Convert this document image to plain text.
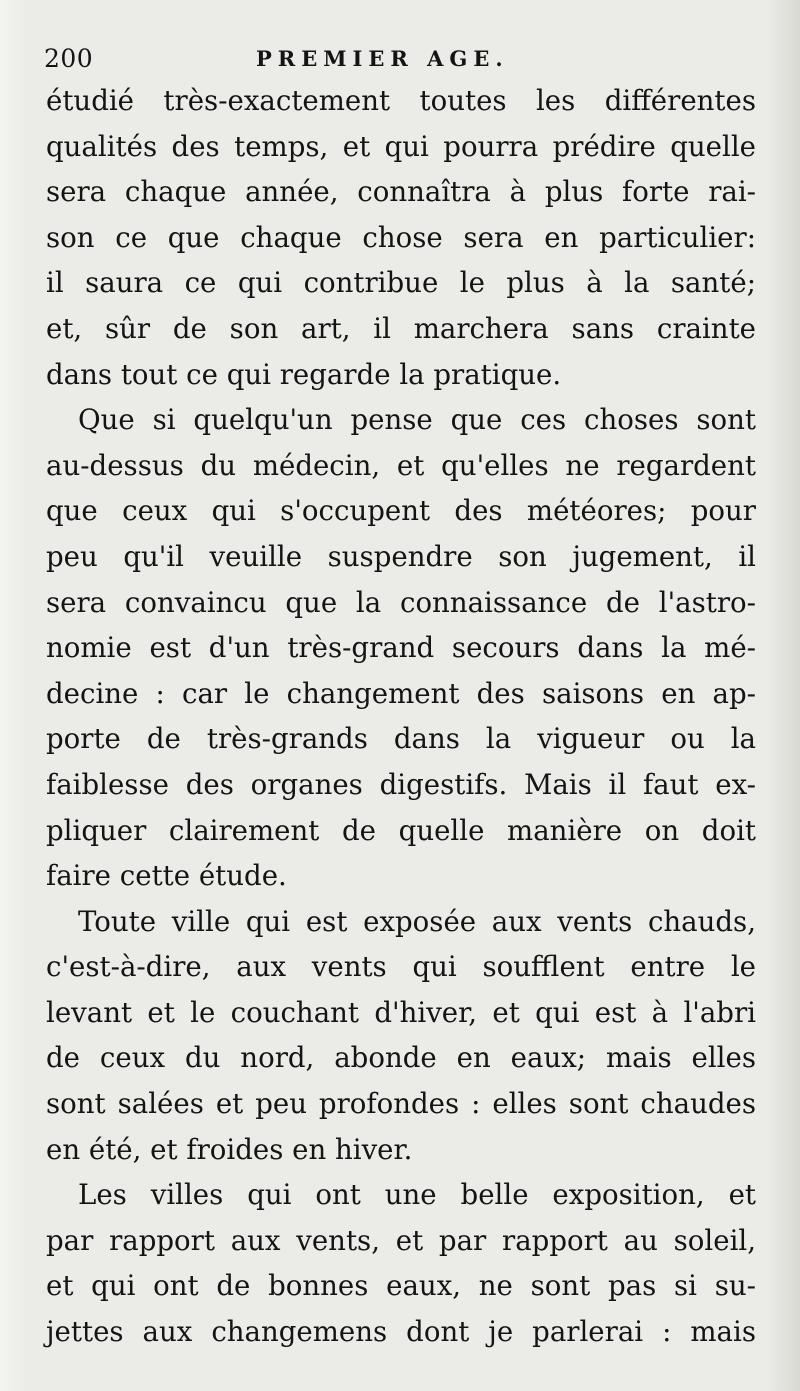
200	PREMIER AGE.
étudié très-exactement toutes les différentes
qualités des temps, et qui pourra prédire quelle
sera chaque année, connaîtra à plus forte rai-
son ce que chaque chose sera en particulier:
il saura ce qui contribue le plus à la santé;
et, sûr de son art, il marchera sans crainte
dans tout ce qui regarde la pratique.
Que si quelqu'un pense que ces choses sont
au-dessus du médecin, et qu'elles ne regardent
que ceux qui s'occupent des météores; pour
peu qu'il veuille suspendre son jugement, il
sera convaincu que la connaissance de l'astro-
nomie est d'un très-grand secours dans la mé-
decine : car le changement des saisons en ap-
porte de très-grands dans la vigueur ou la
faiblesse des organes digestifs. Mais il faut ex-
pliquer clairement de quelle manière on doit
faire cette étude.
Toute ville qui est exposée aux vents chauds,
c'est-à-dire, aux vents qui soufflent entre le
levant et le couchant d'hiver, et qui est à l'abri
de ceux du nord, abonde en eaux; mais elles
sont salées et peu profondes : elles sont chaudes
en été, et froides en hiver.
Les villes qui ont une belle exposition, et
par rapport aux vents, et par rapport au soleil,
et qui ont de bonnes eaux, ne sont pas si su-
jettes aux changemens dont je parlerai : mais
